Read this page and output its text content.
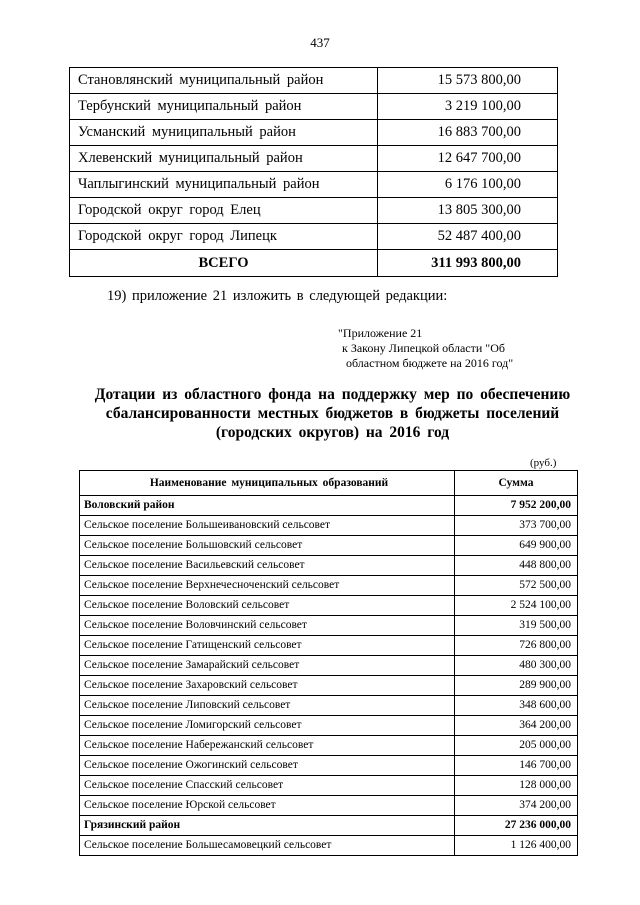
437
Становлянский муниципальный район	15 573 800,00
Тербунский муниципальный район	3 219 100,00
Усманский муниципальный район	16 883 700,00
Хлевенский муниципальный район	12 647 700,00
Чаплыгинский муниципальный район	6 176 100,00
Городской округ город Елец	13 805 300,00
Городской округ город Липецк	52 487 400,00
ВСЕГО	311 993 800,00
19) приложение 21 изложить в следующей редакции:
"Приложение 21
к Закону Липецкой области "Об
областном бюджете на 2016 год"
Дотации из областного фонда на поддержку мер по обеспечению
сбалансированности местных бюджетов в бюджеты поселений
(городских округов) на 2016 год
(руб.)
Наименование муниципальных образований	Сумма
Воловский район	7 952 200,00
Сельское поселение Большеивановский сельсовет	373 700,00
Сельское поселение Большовский сельсовет	649 900,00
Сельское поселение Васильевский сельсовет	448 800,00
Сельское поселение Верхнечесноченский сельсовет	572 500,00
Сельское поселение Воловский сельсовет	2 524 100,00
Сельское поселение Воловчинский сельсовет	319 500,00
Сельское поселение Гатищенский сельсовет	726 800,00
Сельское поселение Замарайский сельсовет	480 300,00
Сельское поселение Захаровский сельсовет	289 900,00
Сельское поселение Липовский сельсовет	348 600,00
Сельское поселение Ломигорский сельсовет	364 200,00
Сельское поселение Набережанский сельсовет	205 000,00
Сельское поселение Ожогинский сельсовет	146 700,00
Сельское поселение Спасский сельсовет	128 000,00
Сельское поселение Юрской сельсовет	374 200,00
Грязинский район	27 236 000,00
Сельское поселение Большесамовецкий сельсовет	1 126 400,00
